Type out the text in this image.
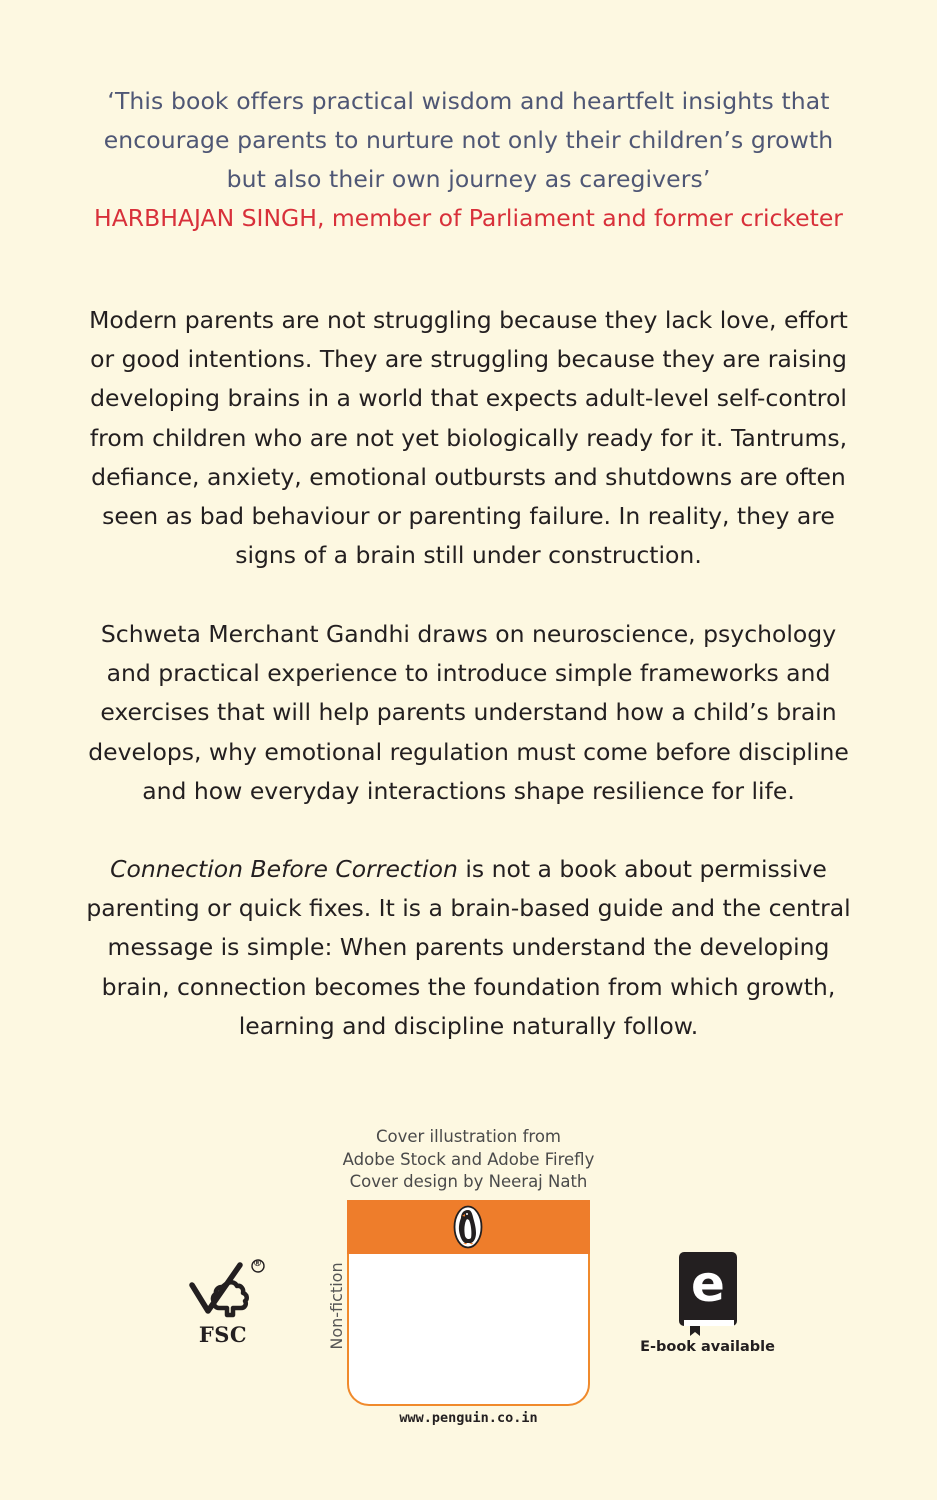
‘This book offers practical wisdom and heartfelt insights that
encourage parents to nurture not only their children’s growth
but also their own journey as caregivers’
HARBHAJAN SINGH, member of Parliament and former cricketer
Modern parents are not struggling because they lack love, effort
or good intentions. They are struggling because they are raising
developing brains in a world that expects adult-level self-control
from children who are not yet biologically ready for it. Tantrums,
defiance, anxiety, emotional outbursts and shutdowns are often
seen as bad behaviour or parenting failure. In reality, they are
signs of a brain still under construction.
Schweta Merchant Gandhi draws on neuroscience, psychology
and practical experience to introduce simple frameworks and
exercises that will help parents understand how a child’s brain
develops, why emotional regulation must come before discipline
and how everyday interactions shape resilience for life.
Connection Before Correction is not a book about permissive
parenting or quick fixes. It is a brain-based guide and the central
message is simple: When parents understand the developing
brain, connection becomes the foundation from which growth,
learning and discipline naturally follow.
Cover illustration from
Adobe Stock and Adobe Firefly
Cover design by Neeraj Nath
Non-fiction
www.penguin.co.in
®
FSC
e
E-book available
